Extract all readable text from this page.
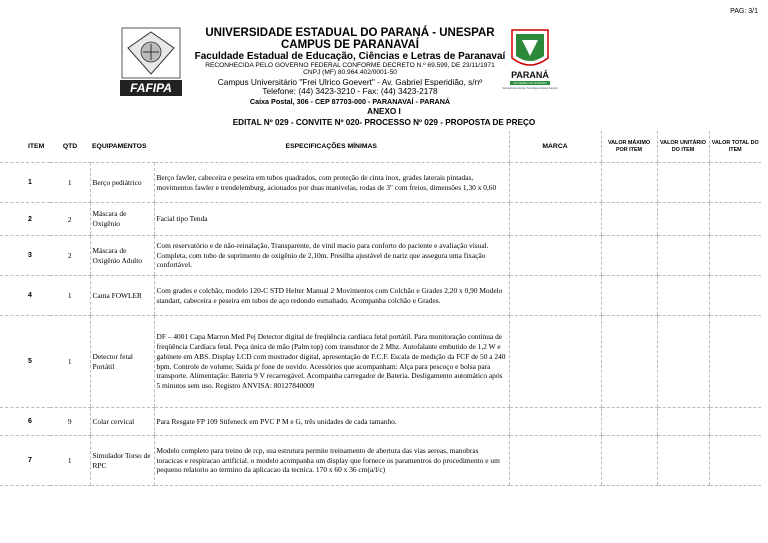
PAG: 3/1
FAFIPA
UNIVERSIDADE ESTADUAL DO PARANÁ - UNESPAR
CAMPUS DE PARANAVAÍ
Faculdade Estadual de Educação, Ciências e Letras de Paranavaí
RECONHECIDA PELO GOVERNO FEDERAL CONFORME DECRETO N.º 69.599, DE 23/11/1971
CNPJ (MF) 80.964.402/0001-50
Campus Universitário "Frei Ulrico Goevert" - Av. Gabriel Esperidião, s/nº
Telefone: (44) 3423-3210 - Fax: (44) 3423-2178
Caixa Postal, 306 - CEP 87703-000 - PARANAVAÍ - PARANÁ
PARANÁ
GOVERNO DO ESTADO
Secretaria da Ciência, Tecnologia e Ensino Superior
ANEXO I
EDITAL Nº 029 - CONVITE Nº 020- PROCESSO Nº 029 - PROPOSTA DE PREÇO
ITEM	QTD	EQUIPAMENTOS	ESPECIFICAÇÕES MÍNIMAS	MARCA	VALOR MÁXIMO POR ITEM	VALOR UNITÁRIO DO ITEM	VALOR TOTAL DO ITEM
1	1	Berço pediátrico	Berço fawler, cabeceira e peseira em tubos quadrados, com proteção de cinta inox, grades laterais pintadas, movimentos fawler e trendelemburg, acionados por duas manivelas, rodas de 3" com freios, dimensões 1,30 x 0,60				
2	2	Máscara de Oxigênio	Facial tipo Tenda				
3	2	Máscara de Oxigênio Adulto	Com reservatório e de não-reinalação, Transparente, de vinil macio para conforto do paciente e avaliação visual. Completa, com tubo de suprimento de oxigênio de 2,10m. Presilha ajustável de nariz que assegura uma fixação confortável.				
4	1	Cama FOWLER	Com grades e colchão, modelo 120-C STD Helter Manual 2 Movimentos com Colchão e Grades 2,20 x 0,90 Modelo standart, cabeceira e peseira em tubos de aço redondo esmaltado. Acompanha colchão e Grades.				
5	1	Detector fetal Portátil	DF – 4001 Capa Marron Med Pej Detector digital de freqüência cardíaca fetal portátil. Para monitoração contínua de freqüência Cardíaca fetal. Peça única de mão (Palm top) com transdutor de 2 Mhz. Autofalante embutido de 1,2 W e gabinete em ABS. Display LCD com mostrador digital, apresentação de F.C.F. Escala de medição da FCF de 50 a 240 bpm. Controle de volume; Saída p/ fone de ouvido. Acessórios que acompanham: Alça para pescoço e bolsa para transporte. Alimentação: Bateria 9 V recarregável. Acompanha carregador de Bateria. Desligamento automático após 5 minutos sem uso. Registro ANVISA: 80127840009				
6	9	Colar cervical	Para Resgate FP 109 Stifeneck em PVC P M e G, três unidades de cada tamanho.				
7	1	Simulador Torso de RPC	Modelo completo para treino de rcp, sua estrutura permite treinamento de abertura das vias aereas, manobras toracicas e respiracao artificial. o modelo acompanha um display que fornece os paramentros do procedimento e um pequeno relatorio ao termino da aplicacao da tecnica. 170 x 60 x 36 cm(a/l/c)				
